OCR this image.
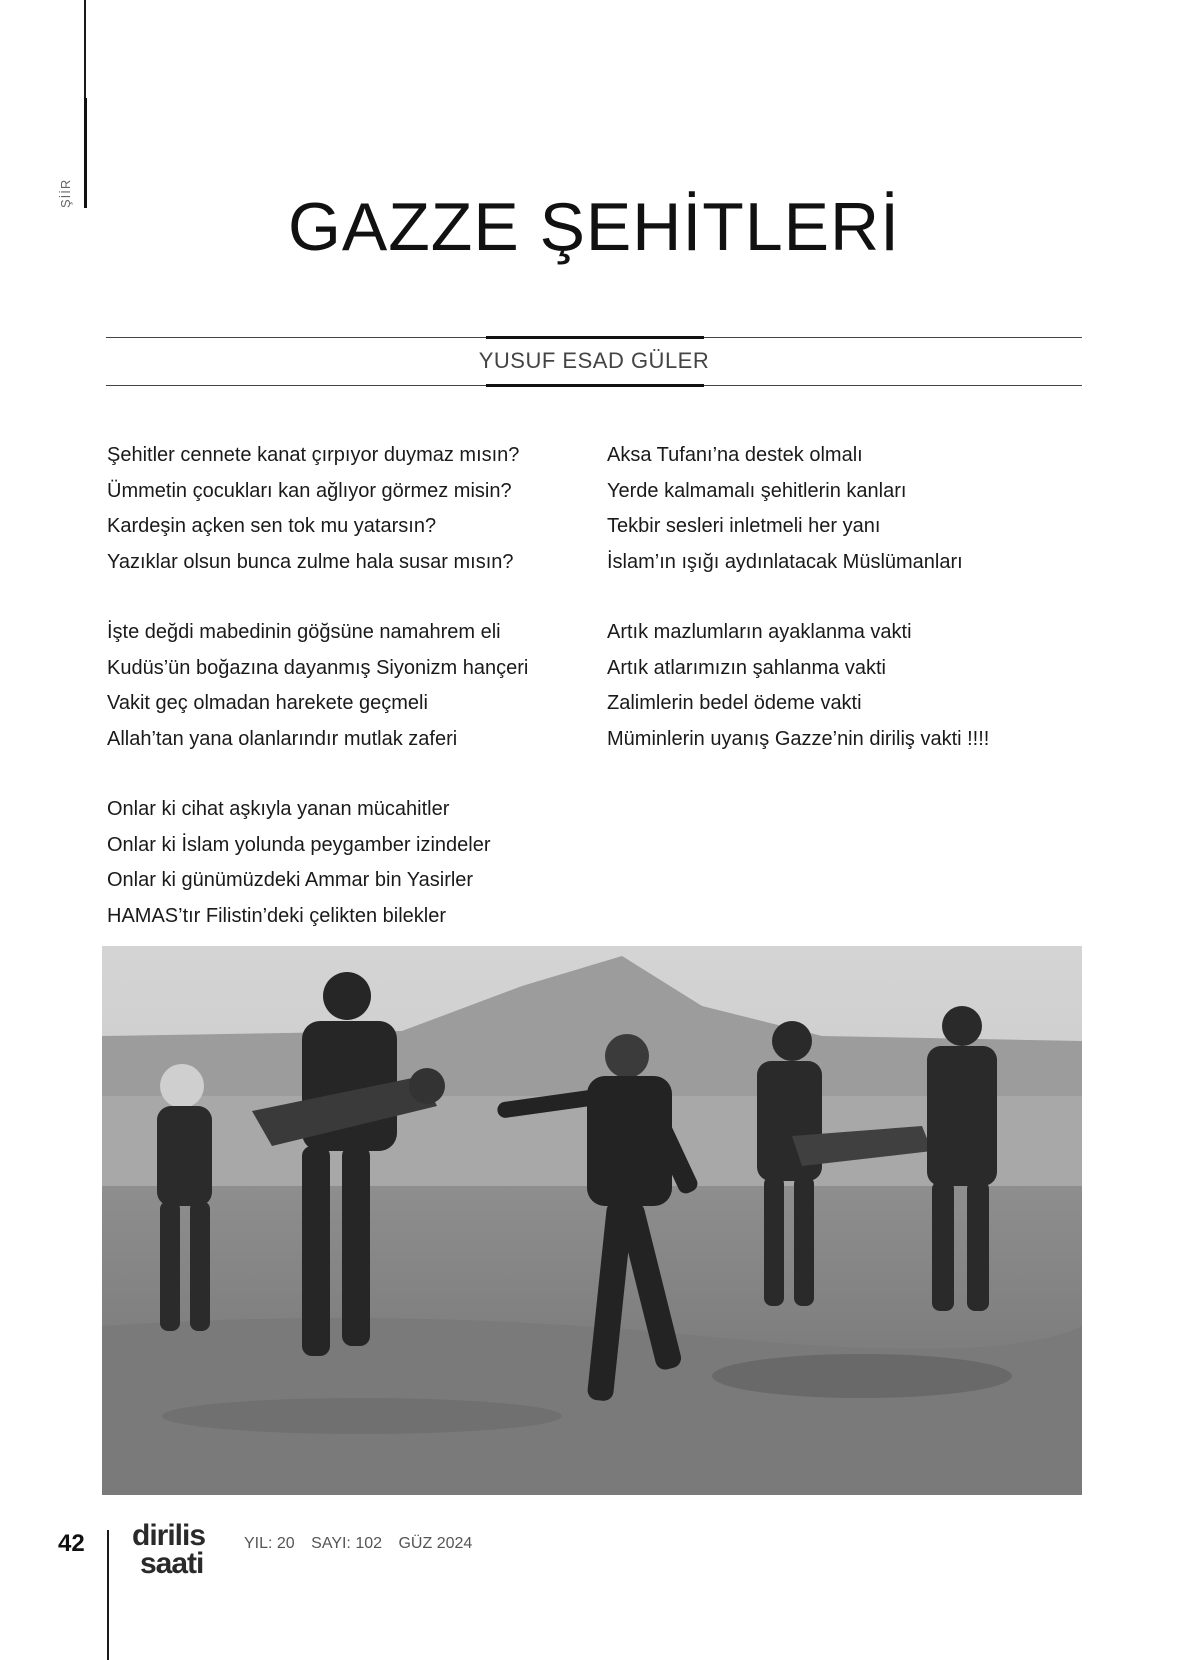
ŞİİR	GAZZE ŞEHİTLERİ
YUSUF ESAD GÜLER
Şehitler cennete kanat çırpıyor duymaz mısın?
Ümmetin çocukları kan ağlıyor görmez misin?
Kardeşin açken sen tok mu yatarsın?
Yazıklar olsun bunca zulme hala susar mısın?
İşte değdi mabedinin göğsüne namahrem eli
Kudüs’ün boğazına dayanmış Siyonizm hançeri
Vakit geç olmadan harekete geçmeli
Allah’tan yana olanlarındır mutlak zaferi
Onlar ki cihat aşkıyla yanan mücahitler
Onlar ki İslam yolunda peygamber izindeler
Onlar ki günümüzdeki Ammar bin Yasirler
HAMAS’tır Filistin’deki çelikten bilekler
Aksa Tufanı’na destek olmalı
Yerde kalmamalı şehitlerin kanları
Tekbir sesleri inletmeli her yanı
İslam’ın ışığı aydınlatacak Müslümanları
Artık mazlumların ayaklanma vakti
Artık atlarımızın şahlanma vakti
Zalimlerin bedel ödeme vakti
Müminlerin uyanış Gazze’nin diriliş vakti !!!!
42 dirilis
saati
YIL: 20 SAYI: 102 GÜZ 2024
